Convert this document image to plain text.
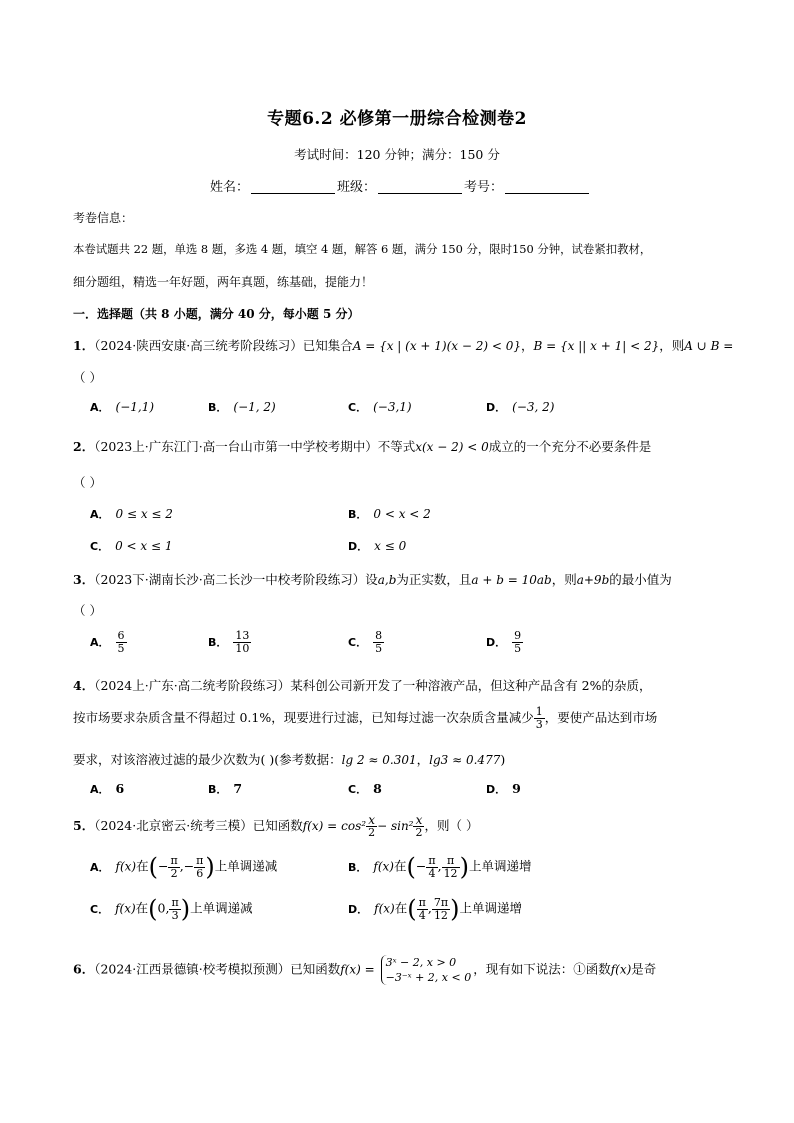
专题6.2 必修第一册综合检测卷2
考试时间：120 分钟；满分：150 分
姓名：	班级：	考号：
考卷信息：
本卷试题共 22 题，单选 8 题，多选 4 题，填空 4 题，解答 6 题，满分 150 分，限时150 分钟，试卷紧扣教材，
细分题组，精选一年好题，两年真题，练基础，提能力！
一．选择题（共 8 小题，满分 40 分，每小题 5 分）
1．（2024·陕西安康·高三统考阶段练习）已知集合A = {x | (x + 1)(x − 2) < 0}，B = {x || x + 1| < 2}，则A ∪ B =
（ ）
A． (−1,1)	B． (−1, 2)	C． (−3,1)	D． (−3, 2)
2．（2023上·广东江门·高一台山市第一中学校考期中）不等式x(x − 2) < 0成立的一个充分不必要条件是
（ ）
A． 0 ≤ x ≤ 2	B． 0 < x < 2
C． 0 < x ≤ 1	D． x ≤ 0
3．（2023下·湖南长沙·高二长沙一中校考阶段练习）设a,b为正实数，且a + b = 10ab，则a+9b的最小值为
（ ）
A． $\frac{6}{5}$	B． $\frac{13}{10}$	C． $\frac{8}{5}$	D． $\frac{9}{5}$
4．（2024上·广东·高二统考阶段练习）某科创公司新开发了一种溶液产品，但这种产品含有 2%的杂质，
按市场要求杂质含量不得超过 0.1%，现要进行过滤，已知每过滤一次杂质含量减少 $\frac{1}{3}$ ，要使产品达到市场
要求，对该溶液过滤的最少次数为( )(参考数据：lg 2 ≈ 0.301，lg3 ≈ 0.477)
A． 6	B． 7	C． 8	D． 9
5．（2024·北京密云·统考三模）已知函数$f(x) = \cos^2 \frac{x}{2} - \sin^2 \frac{x}{2}$ ，则（ ）
A． f(x)在(− $\frac{\pi}{2}$ ,− $\frac{\pi}{6}$ )上单调递减	B． f(x)在(− $\frac{\pi}{4}$ , $\frac{\pi}{12}$ )上单调递增
C． f(x)在(0, $\frac{\pi}{3}$ )上单调递减	D． f(x)在( $\frac{\pi}{4}$ , $\frac{7\pi}{12}$ )上单调递增
6．（2024·江西景德镇·校考模拟预测）已知函数f(x) = 3ˣ − 2, x > 0
−3⁻ˣ + 2, x < 0
，现有如下说法：①函数f(x)是奇
